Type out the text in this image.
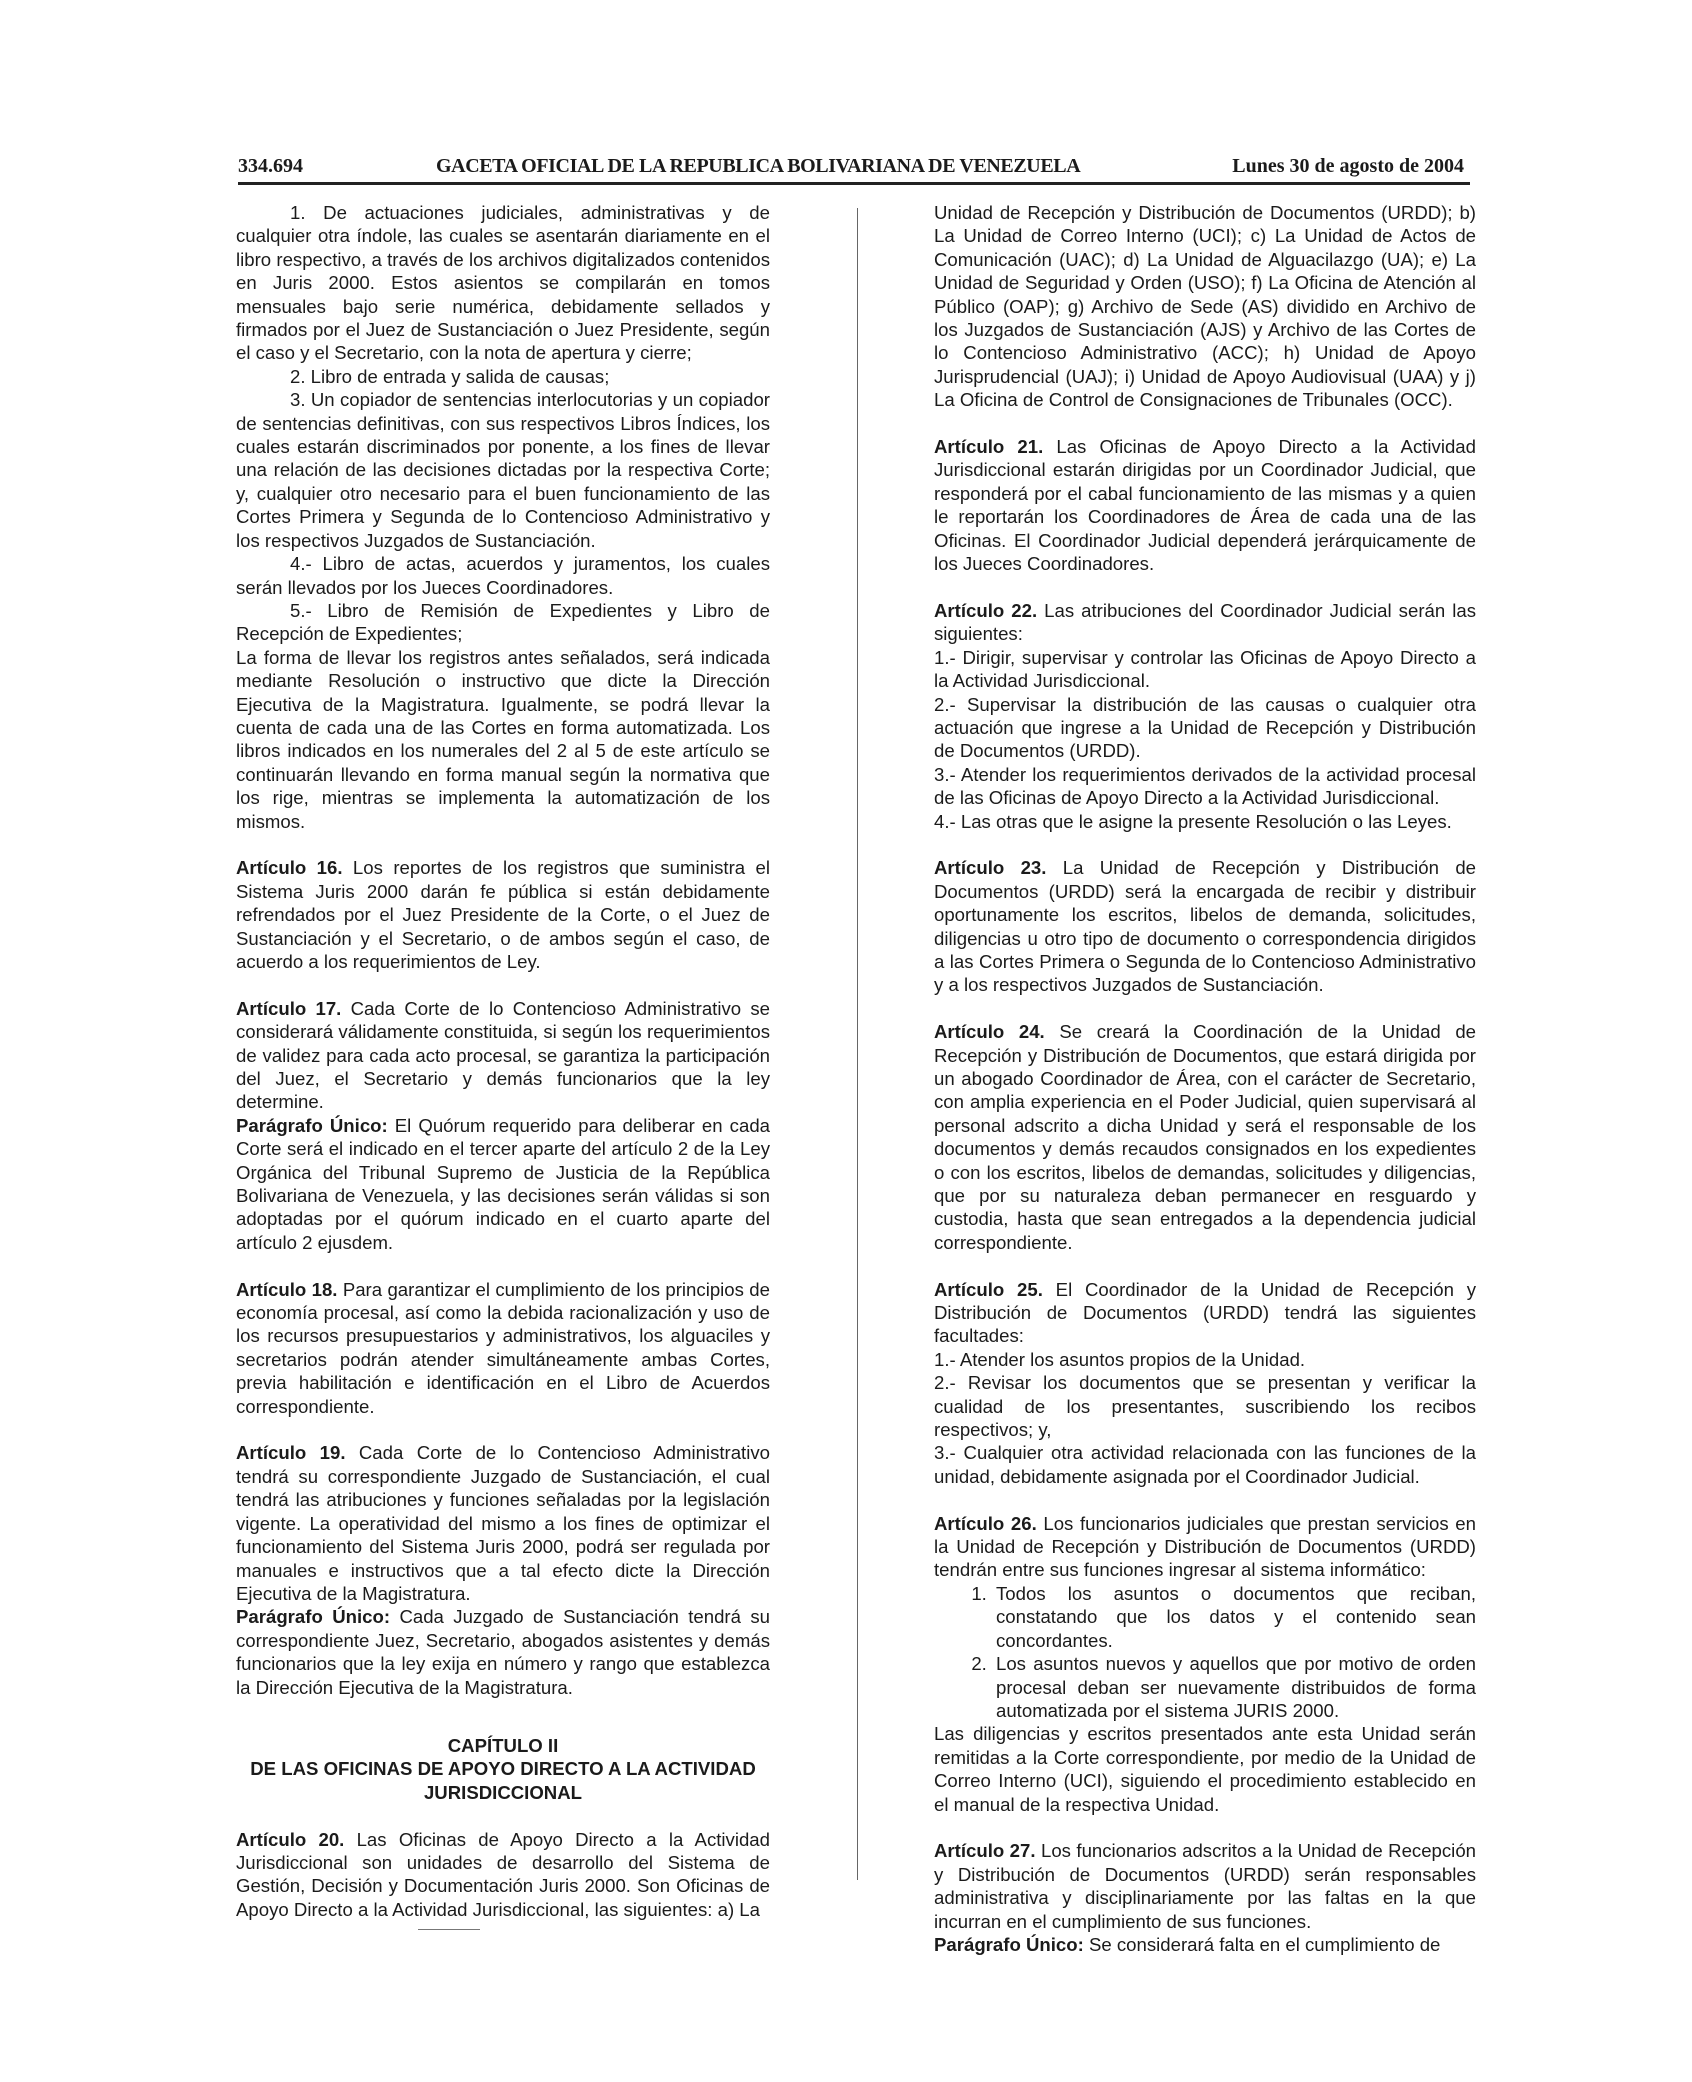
334.694	GACETA OFICIAL DE LA REPUBLICA BOLIVARIANA DE VENEZUELA	Lunes 30 de agosto de 2004

1. De actuaciones judiciales, administrativas y de cualquier otra índole, las cuales se asentarán diariamente en el libro respectivo, a través de los archivos digitalizados contenidos en Juris 2000. Estos asientos se compilarán en tomos mensuales bajo serie numérica, debidamente sellados y firmados por el Juez de Sustanciación o Juez Presidente, según el caso y el Secretario, con la nota de apertura y cierre;

2. Libro de entrada y salida de causas;

3. Un copiador de sentencias interlocutorias y un copiador de sentencias definitivas, con sus respectivos Libros Índices, los cuales estarán discriminados por ponente, a los fines de llevar una relación de las decisiones dictadas por la respectiva Corte; y, cualquier otro necesario para el buen funcionamiento de las Cortes Primera y Segunda de lo Contencioso Administrativo y los respectivos Juzgados de Sustanciación.

4.- Libro de actas, acuerdos y juramentos, los cuales serán llevados por los Jueces Coordinadores.

5.- Libro de Remisión de Expedientes y Libro de Recepción de Expedientes;

La forma de llevar los registros antes señalados, será indicada mediante Resolución o instructivo que dicte la Dirección Ejecutiva de la Magistratura. Igualmente, se podrá llevar la cuenta de cada una de las Cortes en forma automatizada. Los libros indicados en los numerales del 2 al 5 de este artículo se continuarán llevando en forma manual según la normativa que los rige, mientras se implementa la automatización de los mismos.

Artículo 16. Los reportes de los registros que suministra el Sistema Juris 2000 darán fe pública si están debidamente refrendados por el Juez Presidente de la Corte, o el Juez de Sustanciación y el Secretario, o de ambos según el caso, de acuerdo a los requerimientos de Ley.

Artículo 17. Cada Corte de lo Contencioso Administrativo se considerará válidamente constituida, si según los requerimientos de validez para cada acto procesal, se garantiza la participación del Juez, el Secretario y demás funcionarios que la ley determine.

Parágrafo Único: El Quórum requerido para deliberar en cada Corte será el indicado en el tercer aparte del artículo 2 de la Ley Orgánica del Tribunal Supremo de Justicia de la República Bolivariana de Venezuela, y las decisiones serán válidas si son adoptadas por el quórum indicado en el cuarto aparte del artículo 2 ejusdem.

Artículo 18. Para garantizar el cumplimiento de los principios de economía procesal, así como la debida racionalización y uso de los recursos presupuestarios y administrativos, los alguaciles y secretarios podrán atender simultáneamente ambas Cortes, previa habilitación e identificación en el Libro de Acuerdos correspondiente.

Artículo 19. Cada Corte de lo Contencioso Administrativo tendrá su correspondiente Juzgado de Sustanciación, el cual tendrá las atribuciones y funciones señaladas por la legislación vigente. La operatividad del mismo a los fines de optimizar el funcionamiento del Sistema Juris 2000, podrá ser regulada por manuales e instructivos que a tal efecto dicte la Dirección Ejecutiva de la Magistratura.

Parágrafo Único: Cada Juzgado de Sustanciación tendrá su correspondiente Juez, Secretario, abogados asistentes y demás funcionarios que la ley exija en número y rango que establezca la Dirección Ejecutiva de la Magistratura.

CAPÍTULO II
DE LAS OFICINAS DE APOYO DIRECTO A LA ACTIVIDAD JURISDICCIONAL

Artículo 20. Las Oficinas de Apoyo Directo a la Actividad Jurisdiccional son unidades de desarrollo del Sistema de Gestión, Decisión y Documentación Juris 2000. Son Oficinas de Apoyo Directo a la Actividad Jurisdiccional, las siguientes: a) La

Unidad de Recepción y Distribución de Documentos (URDD); b) La Unidad de Correo Interno (UCI); c) La Unidad de Actos de Comunicación (UAC); d) La Unidad de Alguacilazgo (UA); e) La Unidad de Seguridad y Orden (USO); f) La Oficina de Atención al Público (OAP); g) Archivo de Sede (AS) dividido en Archivo de los Juzgados de Sustanciación (AJS) y Archivo de las Cortes de lo Contencioso Administrativo (ACC); h) Unidad de Apoyo Jurisprudencial (UAJ); i) Unidad de Apoyo Audiovisual (UAA) y j) La Oficina de Control de Consignaciones de Tribunales (OCC).

Artículo 21. Las Oficinas de Apoyo Directo a la Actividad Jurisdiccional estarán dirigidas por un Coordinador Judicial, que responderá por el cabal funcionamiento de las mismas y a quien le reportarán los Coordinadores de Área de cada una de las Oficinas. El Coordinador Judicial dependerá jerárquicamente de los Jueces Coordinadores.

Artículo 22. Las atribuciones del Coordinador Judicial serán las siguientes:

1.- Dirigir, supervisar y controlar las Oficinas de Apoyo Directo a la Actividad Jurisdiccional.

2.- Supervisar la distribución de las causas o cualquier otra actuación que ingrese a la Unidad de Recepción y Distribución de Documentos (URDD).

3.- Atender los requerimientos derivados de la actividad procesal de las Oficinas de Apoyo Directo a la Actividad Jurisdiccional.

4.- Las otras que le asigne la presente Resolución o las Leyes.

Artículo 23. La Unidad de Recepción y Distribución de Documentos (URDD) será la encargada de recibir y distribuir oportunamente los escritos, libelos de demanda, solicitudes, diligencias u otro tipo de documento o correspondencia dirigidos a las Cortes Primera o Segunda de lo Contencioso Administrativo y a los respectivos Juzgados de Sustanciación.

Artículo 24. Se creará la Coordinación de la Unidad de Recepción y Distribución de Documentos, que estará dirigida por un abogado Coordinador de Área, con el carácter de Secretario, con amplia experiencia en el Poder Judicial, quien supervisará al personal adscrito a dicha Unidad y será el responsable de los documentos y demás recaudos consignados en los expedientes o con los escritos, libelos de demandas, solicitudes y diligencias, que por su naturaleza deban permanecer en resguardo y custodia, hasta que sean entregados a la dependencia judicial correspondiente.

Artículo 25. El Coordinador de la Unidad de Recepción y Distribución de Documentos (URDD) tendrá las siguientes facultades:

1.- Atender los asuntos propios de la Unidad.

2.- Revisar los documentos que se presentan y verificar la cualidad de los presentantes, suscribiendo los recibos respectivos; y,

3.- Cualquier otra actividad relacionada con las funciones de la unidad, debidamente asignada por el Coordinador Judicial.

Artículo 26. Los funcionarios judiciales que prestan servicios en la Unidad de Recepción y Distribución de Documentos (URDD) tendrán entre sus funciones ingresar al sistema informático:

1. Todos los asuntos o documentos que reciban, constatando que los datos y el contenido sean concordantes.
2. Los asuntos nuevos y aquellos que por motivo de orden procesal deban ser nuevamente distribuidos de forma automatizada por el sistema JURIS 2000.

Las diligencias y escritos presentados ante esta Unidad serán remitidas a la Corte correspondiente, por medio de la Unidad de Correo Interno (UCI), siguiendo el procedimiento establecido en el manual de la respectiva Unidad.

Artículo 27. Los funcionarios adscritos a la Unidad de Recepción y Distribución de Documentos (URDD) serán responsables administrativa y disciplinariamente por las faltas en la que incurran en el cumplimiento de sus funciones.

Parágrafo Único: Se considerará falta en el cumplimiento de
